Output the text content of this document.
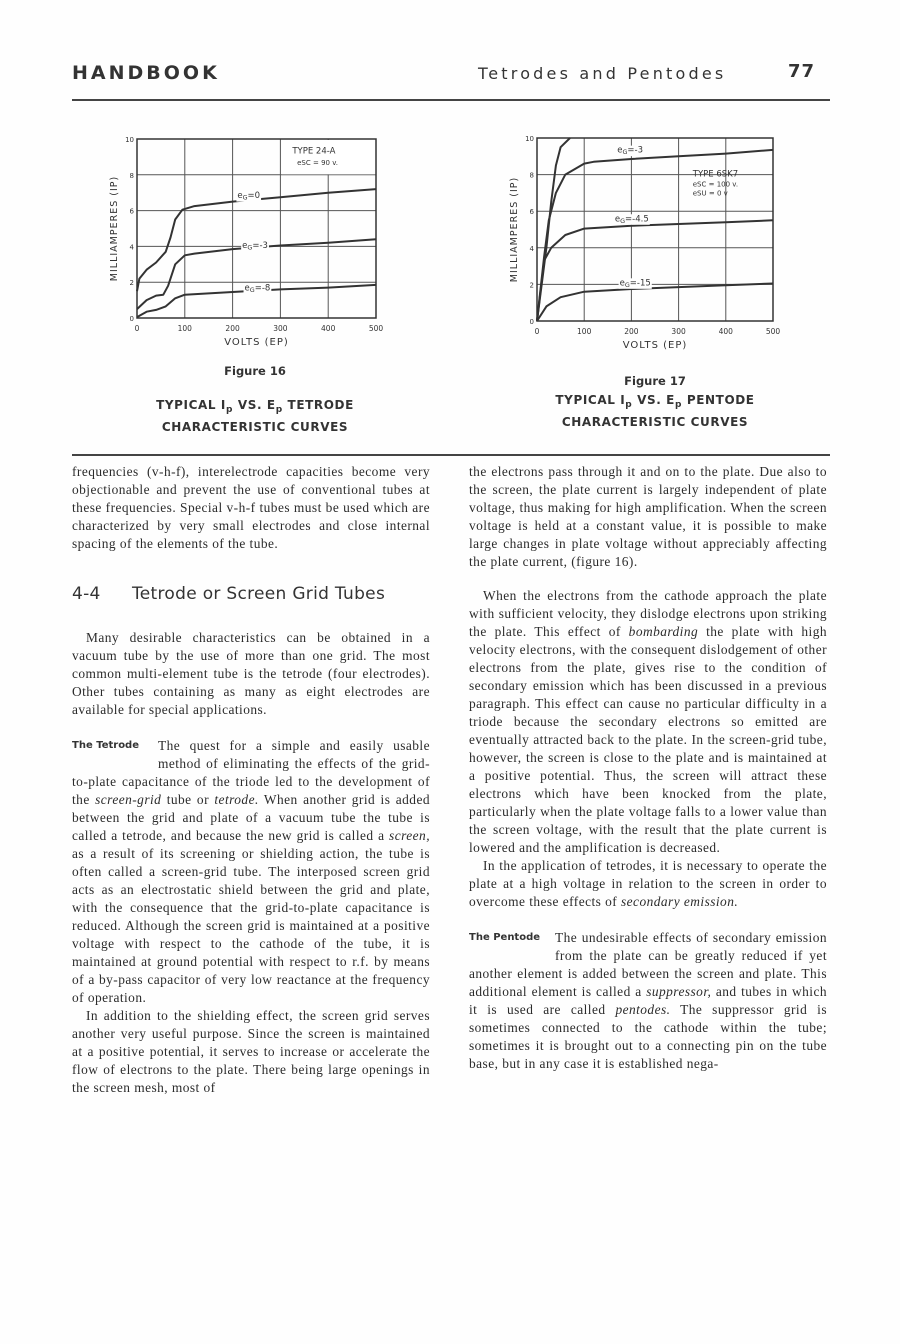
HANDBOOK	Tetrodes and Pentodes	77
0	100	200	300	400	500
0
2
4
6
8
10
VOLTS (EP)
MILLIAMPERES (IP)	eG=0
eG=-3
eG=-8
TYPE 24-A
eSC = 90 v.
0	100	200	300	400	500
0
2
4
6
8
10
VOLTS (EP)
MILLIAMPERES (IP)
eG=-3
eG=-4.5
eG=-15
TYPE 6SK7
eSC = 100 v.
eSU = 0 v
Figure 16
TYPICAL $I_p$ VS. $E_p$ TETRODE
CHARACTERISTIC CURVES
Figure 17
TYPICAL $I_p$ VS. $E_p$ PENTODE
CHARACTERISTIC CURVES

frequencies (v-h-f), interelectrode capacities become very objectionable and prevent the use of conventional tubes at these frequencies. Special v-h-f tubes must be used which are characterized by very small electrodes and close internal spacing of the elements of the tube.

4-4 Tetrode or Screen Grid Tubes

Many desirable characteristics can be obtained in a vacuum tube by the use of more than one grid. The most common multi-element tube is the tetrode (four electrodes). Other tubes containing as many as eight electrodes are available for special applications.

The Tetrode	The quest for a simple and easily usable method of eliminating the effects of the grid-to-plate capacitance of the triode led to the development of the screen-grid tube or tetrode. When another grid is added between the grid and plate of a vacuum tube the tube is called a tetrode, and because the new grid is called a screen, as a result of its screening or shielding action, the tube is often called a screen-grid tube. The interposed screen grid acts as an electrostatic shield between the grid and plate, with the consequence that the grid-to-plate capacitance is reduced. Although the screen grid is maintained at a positive voltage with respect to the cathode of the tube, it is maintained at ground potential with respect to r.f. by means of a by-pass capacitor of very low reactance at the frequency of operation.

In addition to the shielding effect, the screen grid serves another very useful purpose. Since the screen is maintained at a positive potential, it serves to increase or accelerate the flow of electrons to the plate. There being large openings in the screen mesh, most of

the electrons pass through it and on to the plate. Due also to the screen, the plate current is largely independent of plate voltage, thus making for high amplification. When the screen voltage is held at a constant value, it is possible to make large changes in plate voltage without appreciably affecting the plate current, (figure 16).

When the electrons from the cathode approach the plate with sufficient velocity, they dislodge electrons upon striking the plate. This effect of bombarding the plate with high velocity electrons, with the consequent dislodgement of other electrons from the plate, gives rise to the condition of secondary emission which has been discussed in a previous paragraph. This effect can cause no particular difficulty in a triode because the secondary electrons so emitted are eventually attracted back to the plate. In the screen-grid tube, however, the screen is close to the plate and is maintained at a positive potential. Thus, the screen will attract these electrons which have been knocked from the plate, particularly when the plate voltage falls to a lower value than the screen voltage, with the result that the plate current is lowered and the amplification is decreased.

In the application of tetrodes, it is necessary to operate the plate at a high voltage in relation to the screen in order to overcome these effects of secondary emission.

The Pentode	The undesirable effects of secondary emission from the plate can be greatly reduced if yet another element is added between the screen and plate. This additional element is called a suppressor, and tubes in which it is used are called pentodes. The suppressor grid is sometimes connected to the cathode within the tube; sometimes it is brought out to a connecting pin on the tube base, but in any case it is established nega-
